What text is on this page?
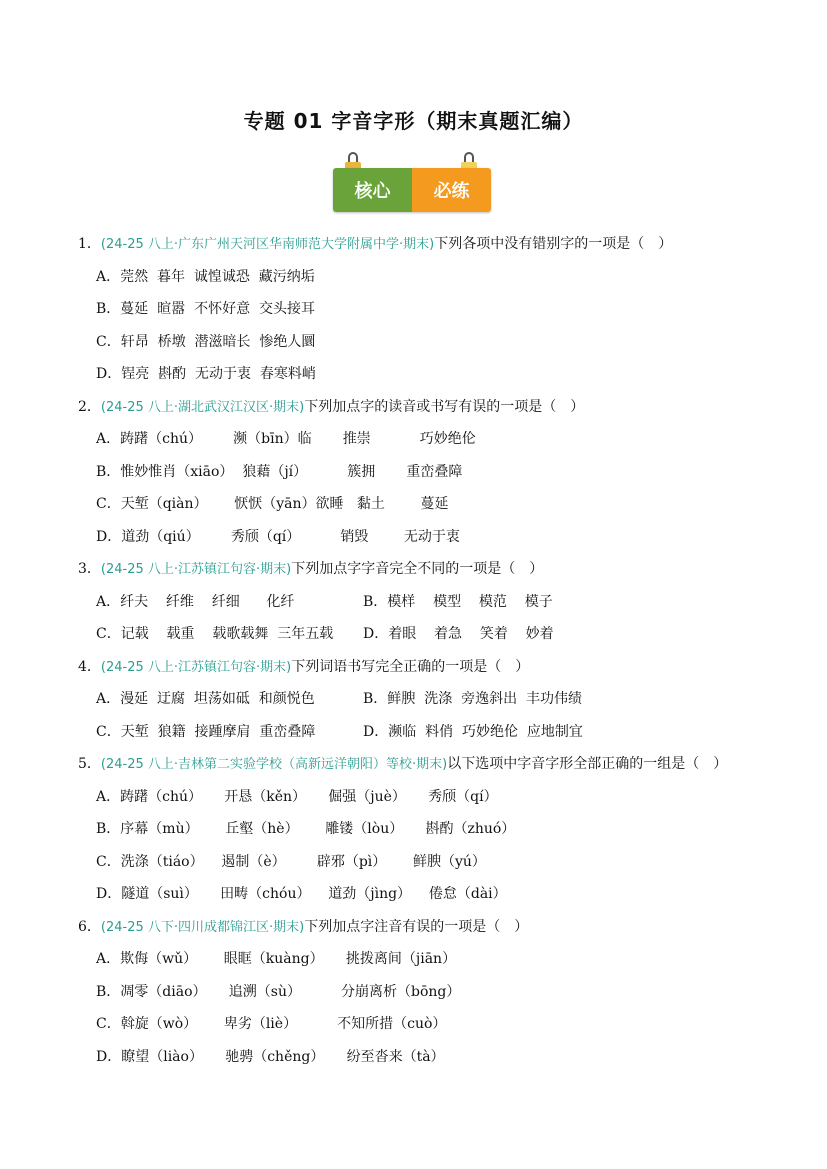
专题 01 字音字形（期末真题汇编）
核心	必练
1．(24-25 八上·广东广州天河区华南师范大学附属中学·期末)下列各项中没有错别字的一项是（　）
A．莞然  暮年  诚惶诚恐  藏污纳垢
B．蔓延  暄嚣  不怀好意  交头接耳
C．轩昂  桥墩  潜滋暗长  惨绝人圜
D．锃亮  斟酌  无动于衷  春寒料峭
2．(24-25 八上·湖北武汉江汉区·期末)下列加点字的读音或书写有误的一项是（　）
A．踌躇（chú）       濒（bīn）临       推崇           巧妙绝伦
B．惟妙惟肖（xiāo）  狼藉（jí）         簇拥       重峦叠障
C．天堑（qiàn）      恹恹（yān）欲睡   黏土        蔓延
D．道劲（qiú）       秀颀（qí）         销毁        无动于衷
3．(24-25 八上·江苏镇江句容·期末)下列加点字字音完全不同的一项是（　）
A．纤夫    纤维    纤细      化纤	B．模样    模型    模范    模子
C．记载    载重    载歌载舞  三年五载	D．着眼    着急    笑着    妙着
4．(24-25 八上·江苏镇江句容·期末)下列词语书写完全正确的一项是（　）
A．漫延  迂腐  坦荡如砥  和颜悦色	B．鲜腴  洗涤  旁逸斜出  丰功伟绩
C．天堑  狼籍  接踵摩肩  重峦叠障	D．濒临  料俏  巧妙绝伦  应地制宜
5．(24-25 八上·吉林第二实验学校（高新远洋朝阳）等校·期末)以下选项中字音字形全部正确的一组是（　）
A．踌躇（chú）     开恳（kěn）     倔强（juè）     秀颀（qí）
B．序幕（mù）      丘壑（hè）      雕镂（lòu）     斟酌（zhuó）
C．洗涤（tiáo）    遏制（è）       辟邪（pì）      鲜腴（yú）
D．隧道（suì）     田畴（chóu）    道劲（jìng）    倦怠（dài）
6．(24-25 八下·四川成都锦江区·期末)下列加点字注音有误的一项是（　）
A．欺侮（wǔ）      眼眶（kuàng）     挑拨离间（jiān）
B．凋零（diāo）     追溯（sù）         分崩离析（bōng）
C．斡旋（wò）      卑劣（liè）         不知所措（cuò）
D．瞭望（liào）     驰骋（chěng）     纷至沓来（tà）
